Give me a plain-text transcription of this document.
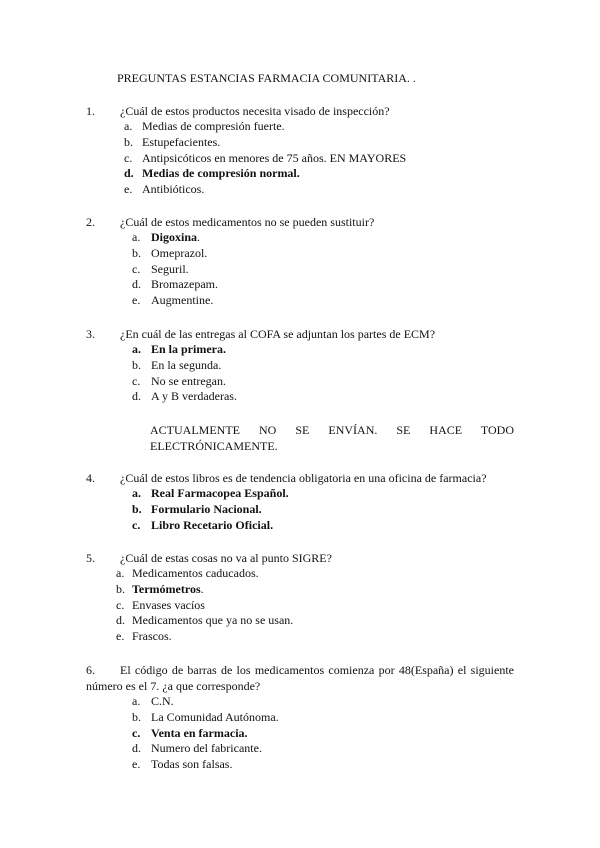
PREGUNTAS ESTANCIAS FARMACIA COMUNITARIA. .
1. ¿Cuál de estos productos necesita visado de inspección?
a. Medias de compresión fuerte.
b. Estupefacientes.
c. Antipsicóticos en menores de 75 años. EN MAYORES
d. Medias de compresión normal.
e. Antibióticos.
2. ¿Cuál de estos medicamentos no se pueden sustituir?
a. Digoxina.
b. Omeprazol.
c. Seguril.
d. Bromazepam.
e. Augmentine.
3. ¿En cuál de las entregas al COFA se adjuntan los partes de ECM?
a. En la primera.
b. En la segunda.
c. No se entregan.
d. A y B verdaderas.
ACTUALMENTE NO SE ENVÍAN. SE HACE TODO ELECTRÓNICAMENTE.
4. ¿Cuál de estos libros es de tendencia obligatoria en una oficina de farmacia?
a. Real Farmacopea Español.
b. Formulario Nacional.
c. Libro Recetario Oficial.
5. ¿Cuál de estas cosas no va al punto SIGRE?
a. Medicamentos caducados.
b. Termómetros.
c. Envases vacíos
d. Medicamentos que ya no se usan.
e. Frascos.
6.	El código de barras de los medicamentos comienza por 48(España) el siguiente número es el 7. ¿a que corresponde?
a. C.N.
b. La Comunidad Autónoma.
c. Venta en farmacia.
d. Numero del fabricante.
e. Todas son falsas.
